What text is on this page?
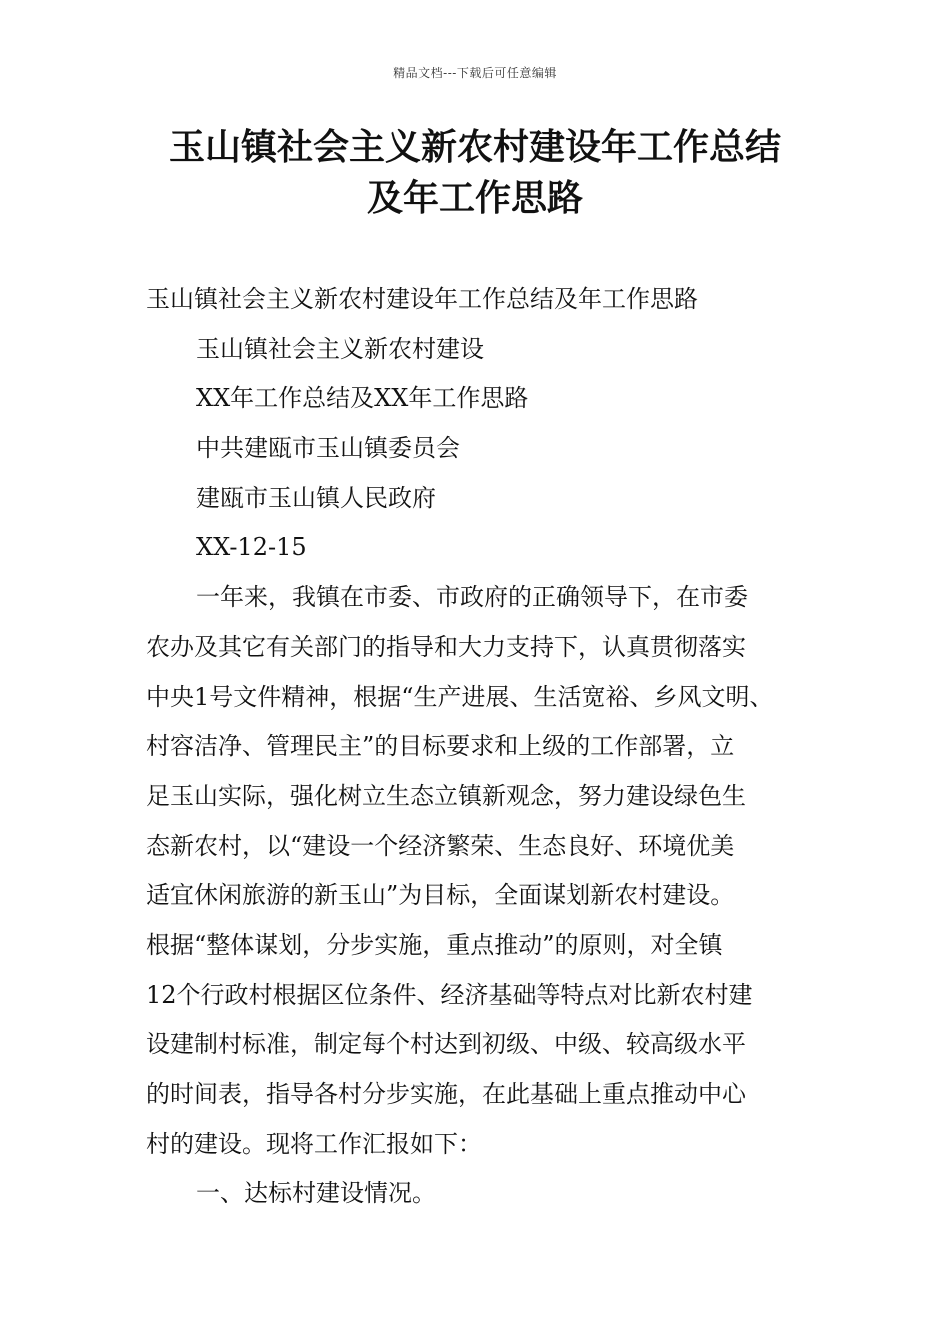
精品文档---下载后可任意编辑
玉山镇社会主义新农村建设年工作总结
及年工作思路
玉山镇社会主义新农村建设年工作总结及年工作思路
玉山镇社会主义新农村建设
XX年工作总结及XX年工作思路
中共建瓯市玉山镇委员会
建瓯市玉山镇人民政府
XX-12-15
一年来，我镇在市委、市政府的正确领导下，在市委
农办及其它有关部门的指导和大力支持下，认真贯彻落实
中央1号文件精神，根据“生产进展、生活宽裕、乡风文明、
村容洁净、管理民主”的目标要求和上级的工作部署，立
足玉山实际，强化树立生态立镇新观念，努力建设绿色生
态新农村，以“建设一个经济繁荣、生态良好、环境优美
适宜休闲旅游的新玉山”为目标，全面谋划新农村建设。
根据“整体谋划，分步实施，重点推动”的原则，对全镇
12个行政村根据区位条件、经济基础等特点对比新农村建
设建制村标准，制定每个村达到初级、中级、较高级水平
的时间表，指导各村分步实施，在此基础上重点推动中心
村的建设。现将工作汇报如下：
一、达标村建设情况。
